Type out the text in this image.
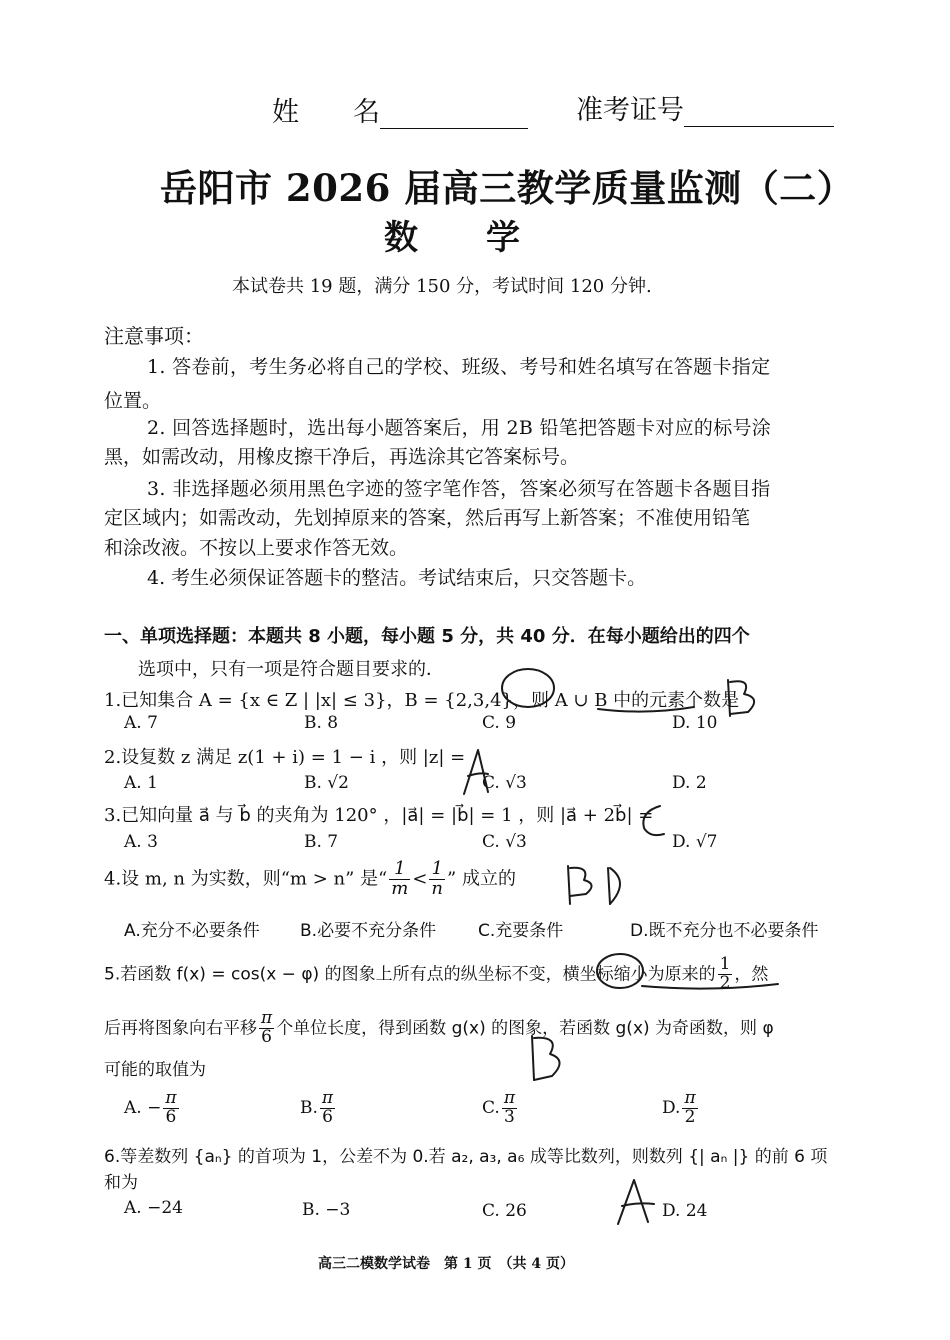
姓　　名	准考证号
岳阳市 2026 届高三教学质量监测（二）
数　　学
本试卷共 19 题，满分 150 分，考试时间 120 分钟.
注意事项：
1. 答卷前，考生务必将自己的学校、班级、考号和姓名填写在答题卡指定
位置。
2. 回答选择题时，选出每小题答案后，用 2B 铅笔把答题卡对应的标号涂
黑，如需改动，用橡皮擦干净后，再选涂其它答案标号。
3. 非选择题必须用黑色字迹的签字笔作答，答案必须写在答题卡各题目指
定区域内；如需改动，先划掉原来的答案，然后再写上新答案；不准使用铅笔
和涂改液。不按以上要求作答无效。
4. 考生必须保证答题卡的整洁。考试结束后，只交答题卡。
一、单项选择题：本题共 8 小题，每小题 5 分，共 40 分．在每小题给出的四个
选项中，只有一项是符合题目要求的．
1.已知集合 A = {x ∈ Z | |x| ≤ 3}，B = {2,3,4}，则 A ∪ B 中的元素个数是
A. 7	B. 8	C. 9	D. 10
2.设复数 z 满足 z(1 + i) = 1 − i ，则 |z| =
A. 1	B. √2	C. √3	D. 2
3.已知向量 a⃗ 与 b⃗ 的夹角为 120° ，|a⃗| = |b⃗| = 1 ，则 |a⃗ + 2b⃗| =
A. 3	B. 7	C. √3	D. √7
4.设 m, n 为实数，则“m > n” 是“ $\frac{1}{m} < \frac{1}{n}$ ” 成立的
A.充分不必要条件 B.必要不充分条件 C.充要条件	D.既不充分也不必要条件
5.若函数 f(x) = cos(x − φ) 的图象上所有点的纵坐标不变，横坐标缩小为原来的 $\frac{1}{2}$ ，然
后再将图象向右平移 $\frac{\pi}{6}$ 个单位长度，得到函数 g(x) 的图象，若函数 g(x) 为奇函数，则 φ
可能的取值为
A. − $\frac{\pi}{6}$	B. $\frac{\pi}{6}$	C. $\frac{\pi}{3}$	D. $\frac{\pi}{2}$
6.等差数列 {aₙ} 的首项为 1，公差不为 0.若 a₂, a₃, a₆ 成等比数列，则数列 {| aₙ |} 的前 6 项
和为
A. −24	B. −3	C. 26	D. 24
高三二模数学试卷　第 1 页　（共 4 页）
